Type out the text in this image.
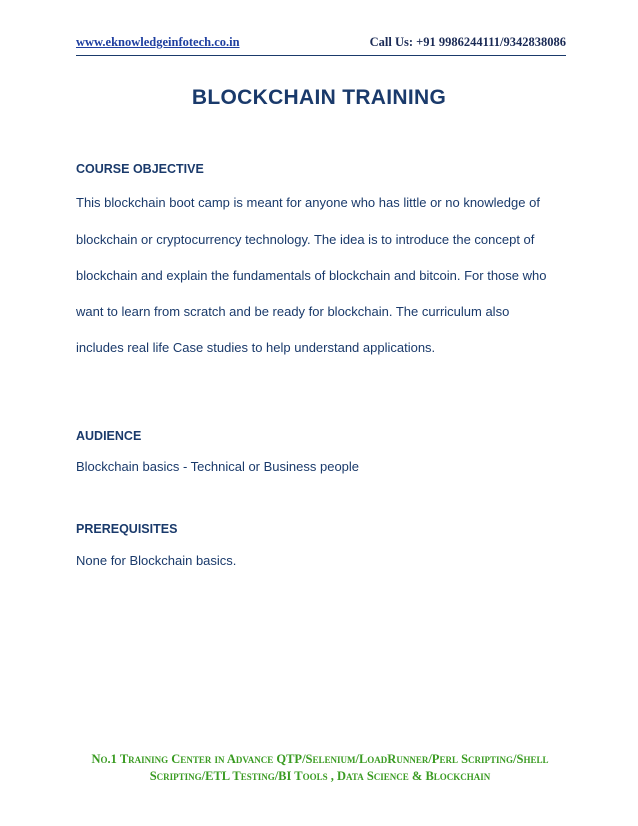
www.eknowledgeinfotech.co.in	Call Us: +91 9986244111/9342838086
BLOCKCHAIN TRAINING
COURSE OBJECTIVE
This blockchain boot camp is meant for anyone who has little or no knowledge of
blockchain or cryptocurrency technology. The idea is to introduce the concept of
blockchain and explain the fundamentals of blockchain and bitcoin. For those who
want to learn from scratch and be ready for blockchain. The curriculum also
includes real life Case studies to help understand applications.
AUDIENCE
Blockchain basics - Technical or Business people
PREREQUISITES
None for Blockchain basics.
No.1 Training Center in Advance QTP/Selenium/LoadRunner/Perl Scripting/Shell
Scripting/ETL Testing/BI Tools , Data Science & Blockchain
